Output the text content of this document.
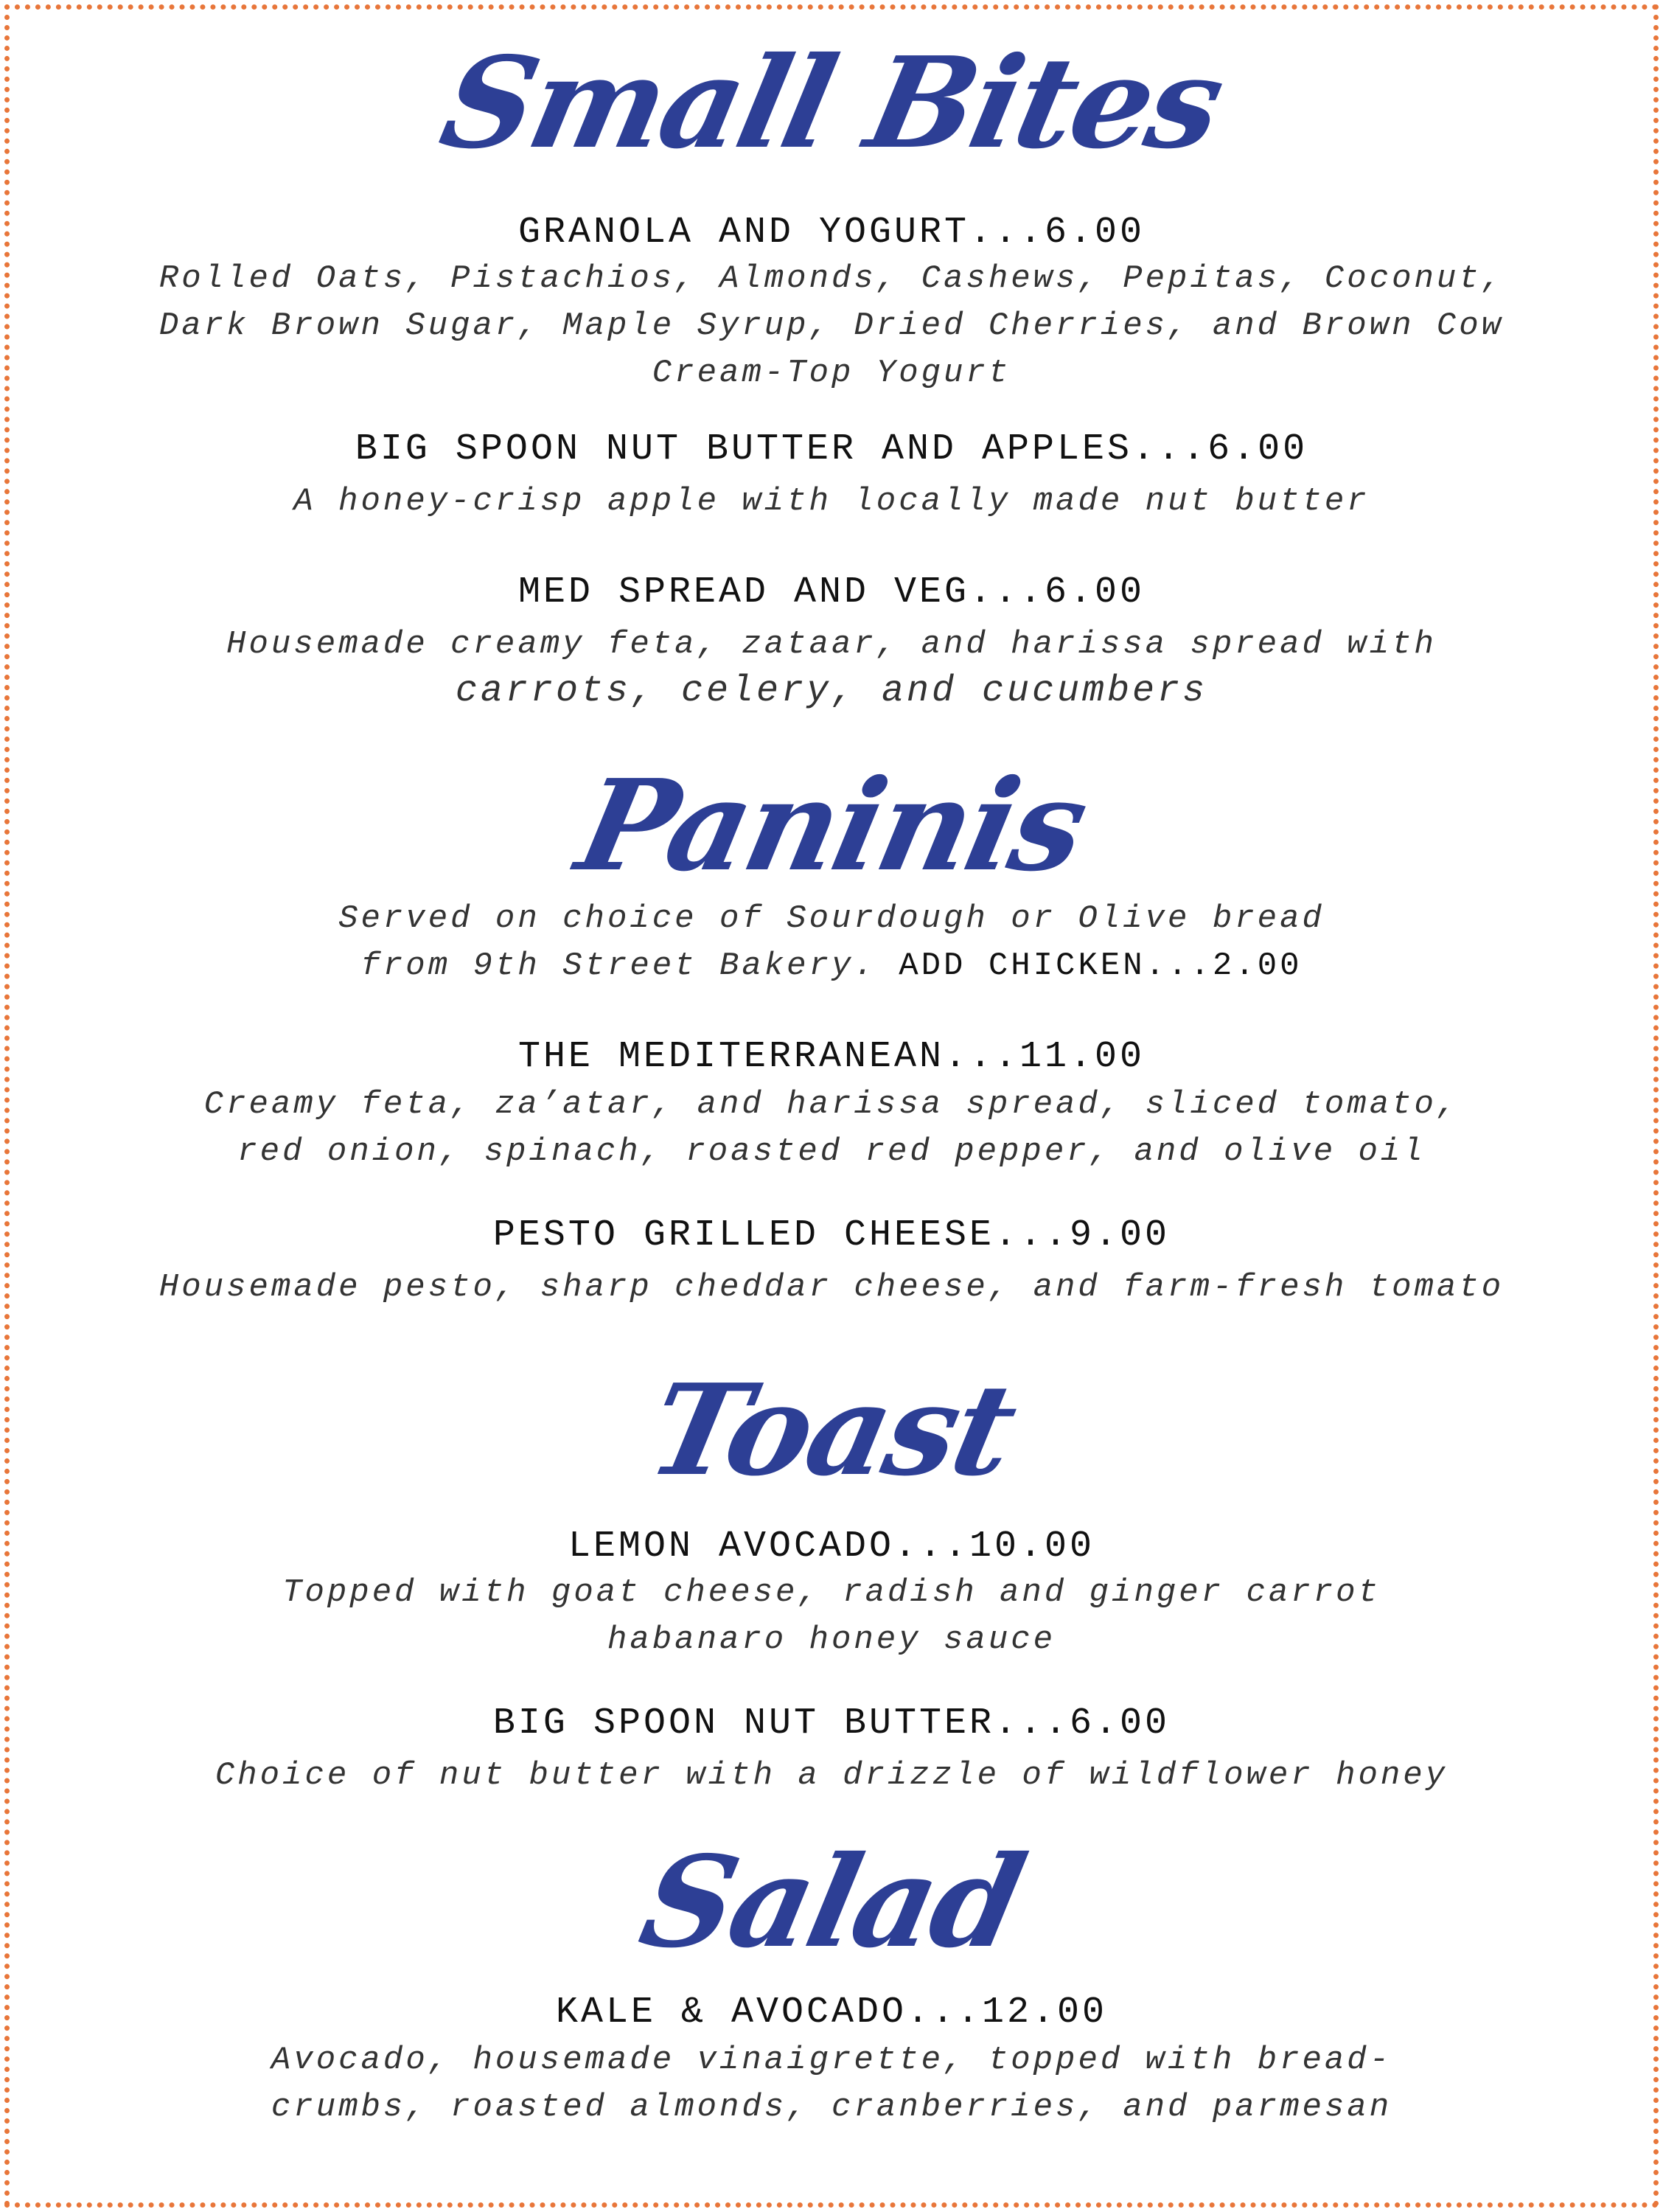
Small Bites
GRANOLA AND YOGURT...6.00
Rolled Oats, Pistachios, Almonds, Cashews, Pepitas, Coconut,
Dark Brown Sugar, Maple Syrup, Dried Cherries, and Brown Cow
Cream-Top Yogurt
BIG SPOON NUT BUTTER AND APPLES...6.00
A honey-crisp apple with locally made nut butter
MED SPREAD AND VEG...6.00
Housemade creamy feta, zataar, and harissa spread with
carrots, celery, and cucumbers
Paninis
Served on choice of Sourdough or Olive bread
from 9th Street Bakery. ADD CHICKEN...2.00
THE MEDITERRANEAN...11.00
Creamy feta, za’atar, and harissa spread, sliced tomato,
red onion, spinach, roasted red pepper, and olive oil
PESTO GRILLED CHEESE...9.00
Housemade pesto, sharp cheddar cheese, and farm-fresh tomato
Toast
LEMON AVOCADO...10.00
Topped with goat cheese, radish and ginger carrot
habanaro honey sauce
BIG SPOON NUT BUTTER...6.00
Choice of nut butter with a drizzle of wildflower honey
Salad
KALE & AVOCADO...12.00
Avocado, housemade vinaigrette, topped with bread-
crumbs, roasted almonds, cranberries, and parmesan
